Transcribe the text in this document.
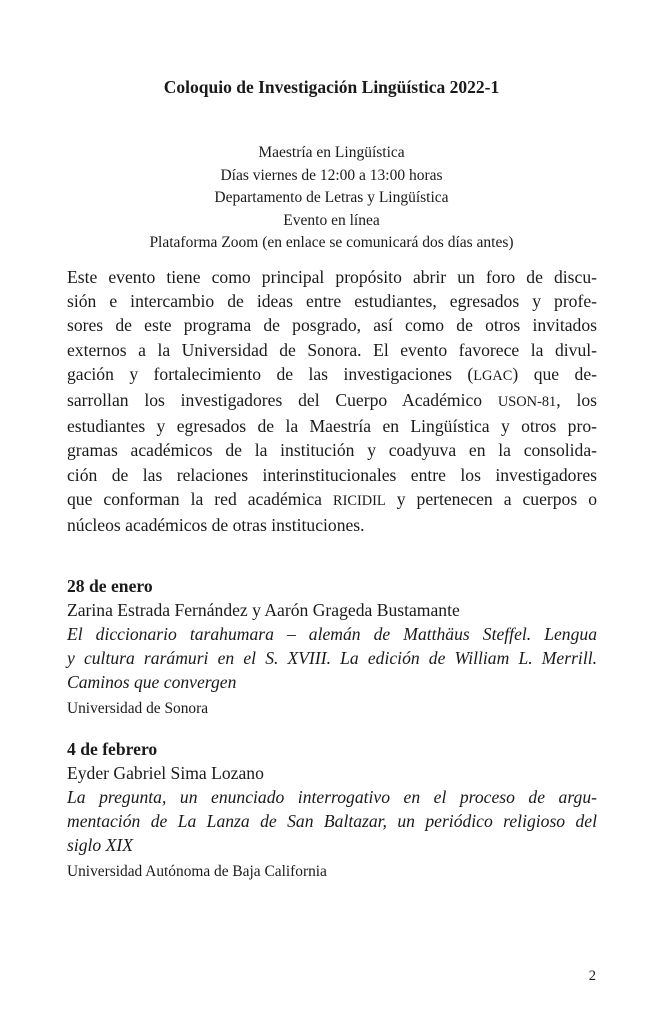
Coloquio de Investigación Lingüística 2022-1
Maestría en Lingüística
Días viernes de 12:00 a 13:00 horas
Departamento de Letras y Lingüística
Evento en línea
Plataforma Zoom (en enlace se comunicará dos días antes)
Este evento tiene como principal propósito abrir un foro de discu-
sión e intercambio de ideas entre estudiantes, egresados y profe-
sores de este programa de posgrado, así como de otros invitados
externos a la Universidad de Sonora. El evento favorece la divul-
gación y fortalecimiento de las investigaciones (LGAC) que de-
sarrollan los investigadores del Cuerpo Académico USON-81, los
estudiantes y egresados de la Maestría en Lingüística y otros pro-
gramas académicos de la institución y coadyuva en la consolida-
ción de las relaciones interinstitucionales entre los investigadores
que conforman la red académica RICIDIL y pertenecen a cuerpos o
núcleos académicos de otras instituciones.
28 de enero
Zarina Estrada Fernández y Aarón Grageda Bustamante
El diccionario tarahumara – alemán de Matthäus Steffel. Lengua
y cultura rarámuri en el S. XVIII. La edición de William L. Merrill.
Caminos que convergen
Universidad de Sonora
4 de febrero
Eyder Gabriel Sima Lozano
La pregunta, un enunciado interrogativo en el proceso de argu-
mentación de La Lanza de San Baltazar, un periódico religioso del
siglo XIX
Universidad Autónoma de Baja California
2
